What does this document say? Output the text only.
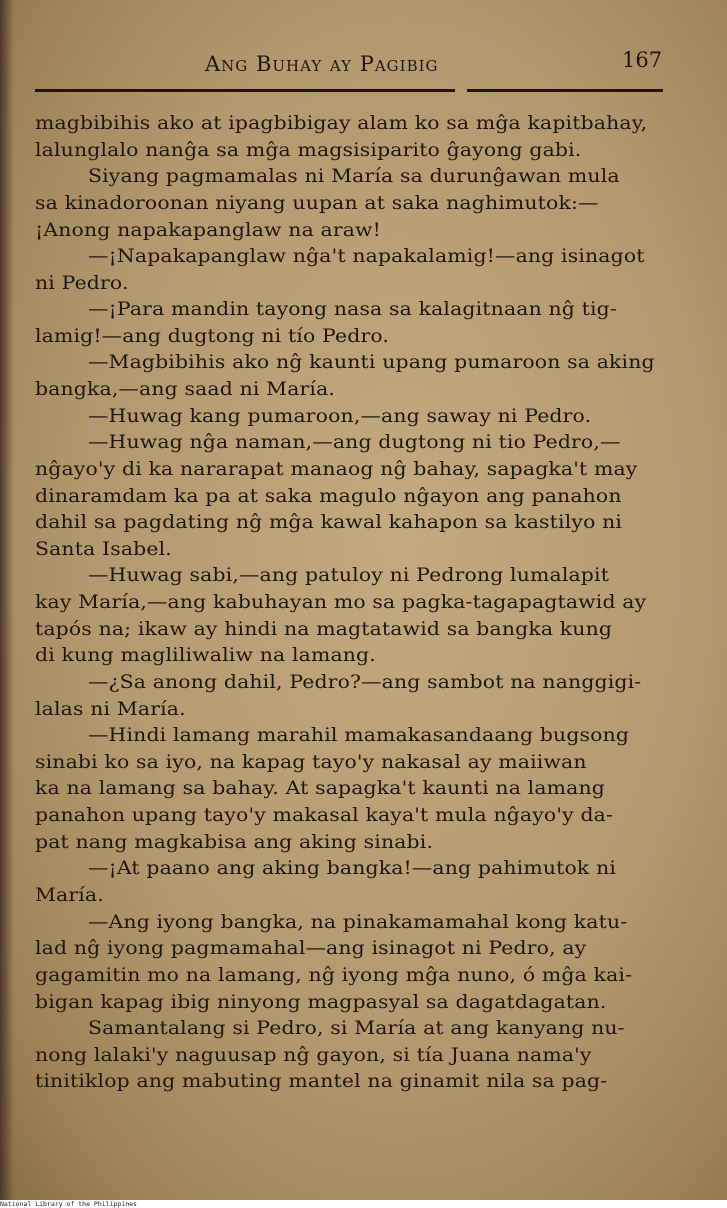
Ang Buhay ay Pagibig	167
magbibihis ako at ipagbibigay alam ko sa mĝa kapitbahay,
lalunglalo nanĝa sa mĝa magsisiparito ĝayong gabi.
Siyang pagmamalas ni María sa durunĝawan mula
sa kinadoroonan niyang uupan at saka naghimutok:—
¡Anong napakapanglaw na araw!
—¡Napakapanglaw nĝa't napakalamig!—ang isinagot
ni Pedro.
—¡Para mandin tayong nasa sa kalagitnaan nĝ tig-
lamig!—ang dugtong ni tío Pedro.
—Magbibihis ako nĝ kaunti upang pumaroon sa aking
bangka,—ang saad ni María.
—Huwag kang pumaroon,—ang saway ni Pedro.
—Huwag nĝa naman,—ang dugtong ni tio Pedro,—
nĝayo'y di ka nararapat manaog nĝ bahay, sapagka't may
dinaramdam ka pa at saka magulo nĝayon ang panahon
dahil sa pagdating nĝ mĝa kawal kahapon sa kastilyo ni
Santa Isabel.
—Huwag sabi,—ang patuloy ni Pedrong lumalapit
kay María,—ang kabuhayan mo sa pagka-tagapagtawid ay
tapós na; ikaw ay hindi na magtatawid sa bangka kung
di kung magliliwaliw na lamang.
—¿Sa anong dahil, Pedro?—ang sambot na nanggigi-
lalas ni María.
—Hindi lamang marahil mamakasandaang bugsong
sinabi ko sa iyo, na kapag tayo'y nakasal ay maiiwan
ka na lamang sa bahay. At sapagka't kaunti na lamang
panahon upang tayo'y makasal kaya't mula nĝayo'y da-
pat nang magkabisa ang aking sinabi.
—¡At paano ang aking bangka!—ang pahimutok ni
María.
—Ang iyong bangka, na pinakamamahal kong katu-
lad nĝ iyong pagmamahal—ang isinagot ni Pedro, ay
gagamitin mo na lamang, nĝ iyong mĝa nuno, ó mĝa kai-
bigan kapag ibig ninyong magpasyal sa dagatdagatan.
Samantalang si Pedro, si María at ang kanyang nu-
nong lalaki'y naguusap nĝ gayon, si tía Juana nama'y
tinitiklop ang mabuting mantel na ginamit nila sa pag-
National Library of the Philippines
